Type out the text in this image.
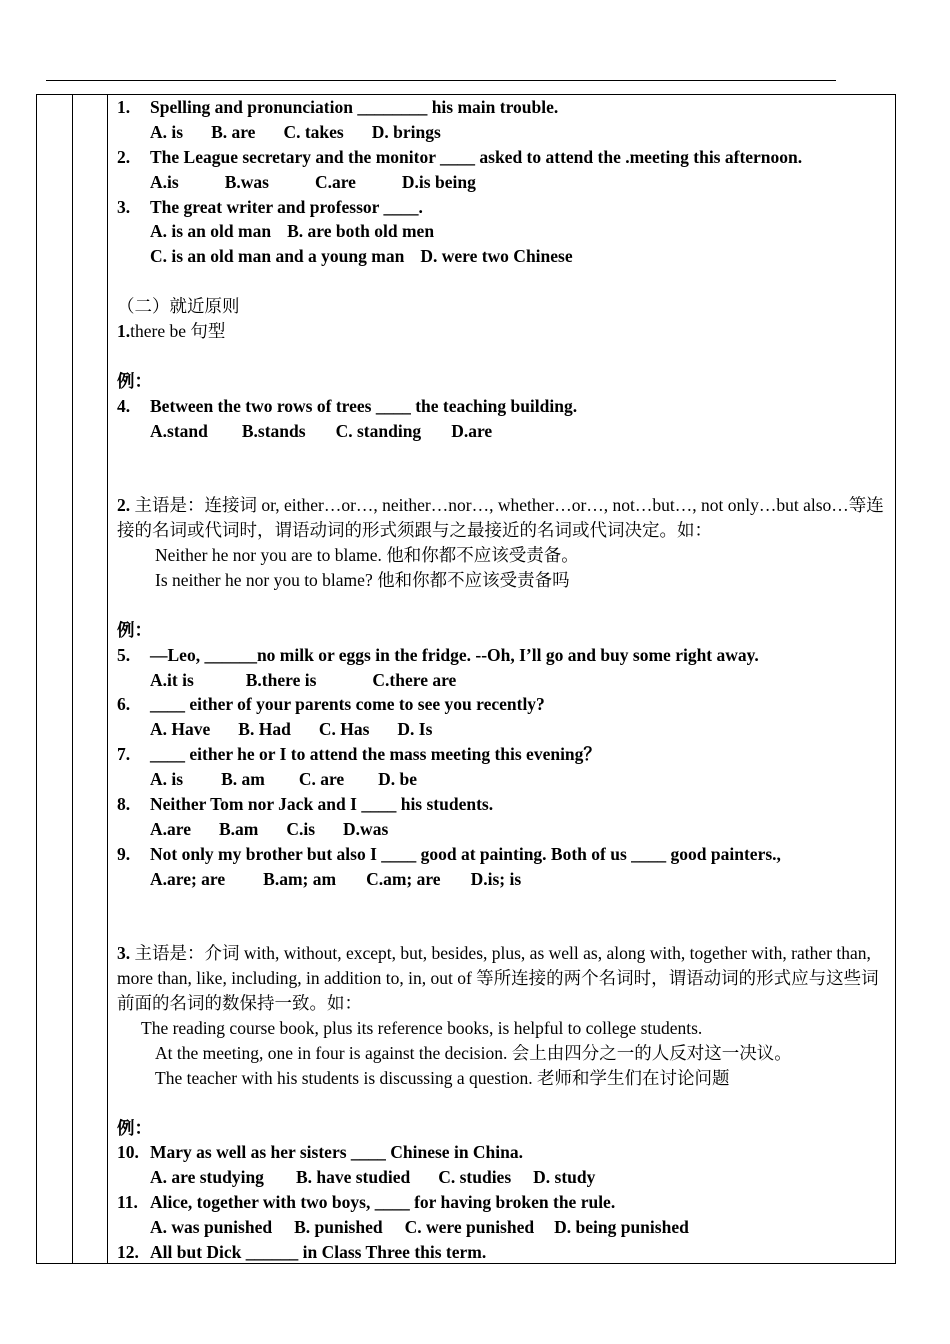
1. Spelling and pronunciation ________ his main trouble.
A. is B. are C. takes D. brings
2. The League secretary and the monitor ____ asked to attend the .meeting this afternoon.
A.is	B.was	C.are	D.is being
3. The great writer and professor ____.
A. is an old man B. are both old men
C. is an old man and a young man D. were two Chinese
（二）就近原则
1.there be 句型
例：
4. Between the two rows of trees ____ the teaching building.
A.stand B.stands C. standing D.are
2. 主语是：连接词 or, either…or…, neither…nor…, whether…or…, not…but…, not only…but also…等连接的名词或代词时，谓语动词的形式须跟与之最接近的名词或代词决定。如：
Neither he nor you are to blame. 他和你都不应该受责备。
Is neither he nor you to blame? 他和你都不应该受责备吗
例：
5. —Leo, ______no milk or eggs in the fridge. --Oh, I’ll go and buy some right away.
A.it is	B.there is	C.there are
6. ____ either of your parents come to see you recently?
A. Have B. Had C. Has D. Is
7. ____ either he or I to attend the mass meeting this evening？
A. is B. am C. are D. be
8. Neither Tom nor Jack and I ____ his students.
A.are B.am C.is D.was
9. Not only my brother but also I ____ good at painting. Both of us ____ good painters.,
A.are; are B.am; am C.am; are D.is; is
3. 主语是：介词 with, without, except, but, besides, plus, as well as, along with, together with, rather than, more than, like, including, in addition to, in, out of 等所连接的两个名词时，谓语动词的形式应与这些词前面的名词的数保持一致。如：
The reading course book, plus its reference books, is helpful to college students.
At the meeting, one in four is against the decision. 会上由四分之一的人反对这一决议。
The teacher with his students is discussing a question. 老师和学生们在讨论问题
例：
10. Mary as well as her sisters ____ Chinese in China.
A. are studying B. have studied C. studies D. study
11. Alice, together with two boys, ____ for having broken the rule.
A. was punished B. punished C. were punished D. being punished
12. All but Dick ______ in Class Three this term.
